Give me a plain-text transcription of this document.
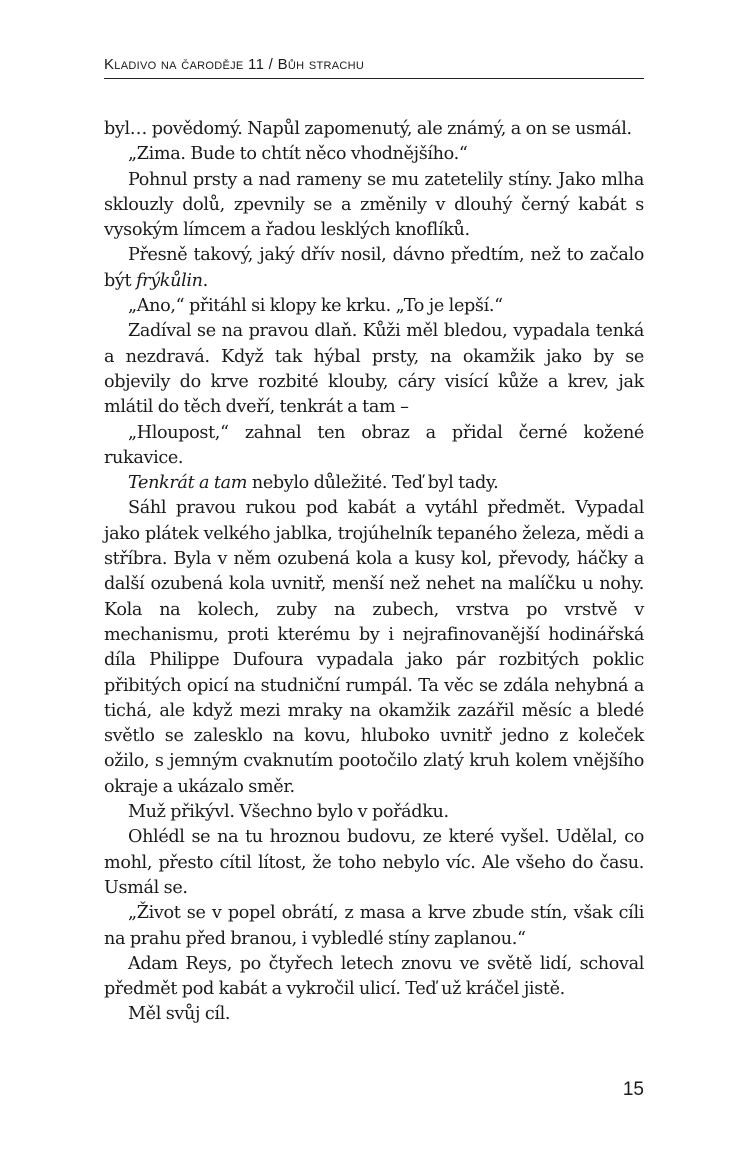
Kladivo na čaroděje 11 / Bůh strachu

byl… povědomý. Napůl zapomenutý, ale známý, a on se usmál.

„Zima. Bude to chtít něco vhodnějšího.“

Pohnul prsty a nad rameny se mu zatetelily stíny. Jako mlha sklouzly dolů, zpevnily se a změnily v dlouhý černý kabát s vysokým límcem a řadou lesklých knoflíků.

Přesně takový, jaký dřív nosil, dávno předtím, než to začalo být frýkůlin.

„Ano,“ přitáhl si klopy ke krku. „To je lepší.“

Zadíval se na pravou dlaň. Kůži měl bledou, vypadala tenká a nezdravá. Když tak hýbal prsty, na okamžik jako by se objevily do krve rozbité klouby, cáry visící kůže a krev, jak mlátil do těch dveří, tenkrát a tam –

„Hloupost,“ zahnal ten obraz a přidal černé kožené rukavice.

Tenkrát a tam nebylo důležité. Teď byl tady.

Sáhl pravou rukou pod kabát a vytáhl předmět. Vypadal jako plátek velkého jablka, trojúhelník tepaného železa, mědi a stříbra. Byla v něm ozubená kola a kusy kol, převody, háčky a další ozubená kola uvnitř, menší než nehet na malíčku u nohy. Kola na kolech, zuby na zubech, vrstva po vrstvě v mechanismu, proti kterému by i nejrafinovanější hodinářská díla Philippe Dufoura vypadala jako pár rozbitých poklic přibitých opicí na studniční rumpál. Ta věc se zdála nehybná a tichá, ale když mezi mraky na okamžik zazářil měsíc a bledé světlo se zalesklo na kovu, hluboko uvnitř jedno z koleček ožilo, s jemným cvaknutím pootočilo zlatý kruh kolem vnějšího okraje a ukázalo směr.

Muž přikývl. Všechno bylo v pořádku.

Ohlédl se na tu hroznou budovu, ze které vyšel. Udělal, co mohl, přesto cítil lítost, že toho nebylo víc. Ale všeho do času. Usmál se.

„Život se v popel obrátí, z masa a krve zbude stín, však cíli na prahu před branou, i vybledlé stíny zaplanou.“

Adam Reys, po čtyřech letech znovu ve světě lidí, schoval předmět pod kabát a vykročil ulicí. Teď už kráčel jistě.

Měl svůj cíl.

15
